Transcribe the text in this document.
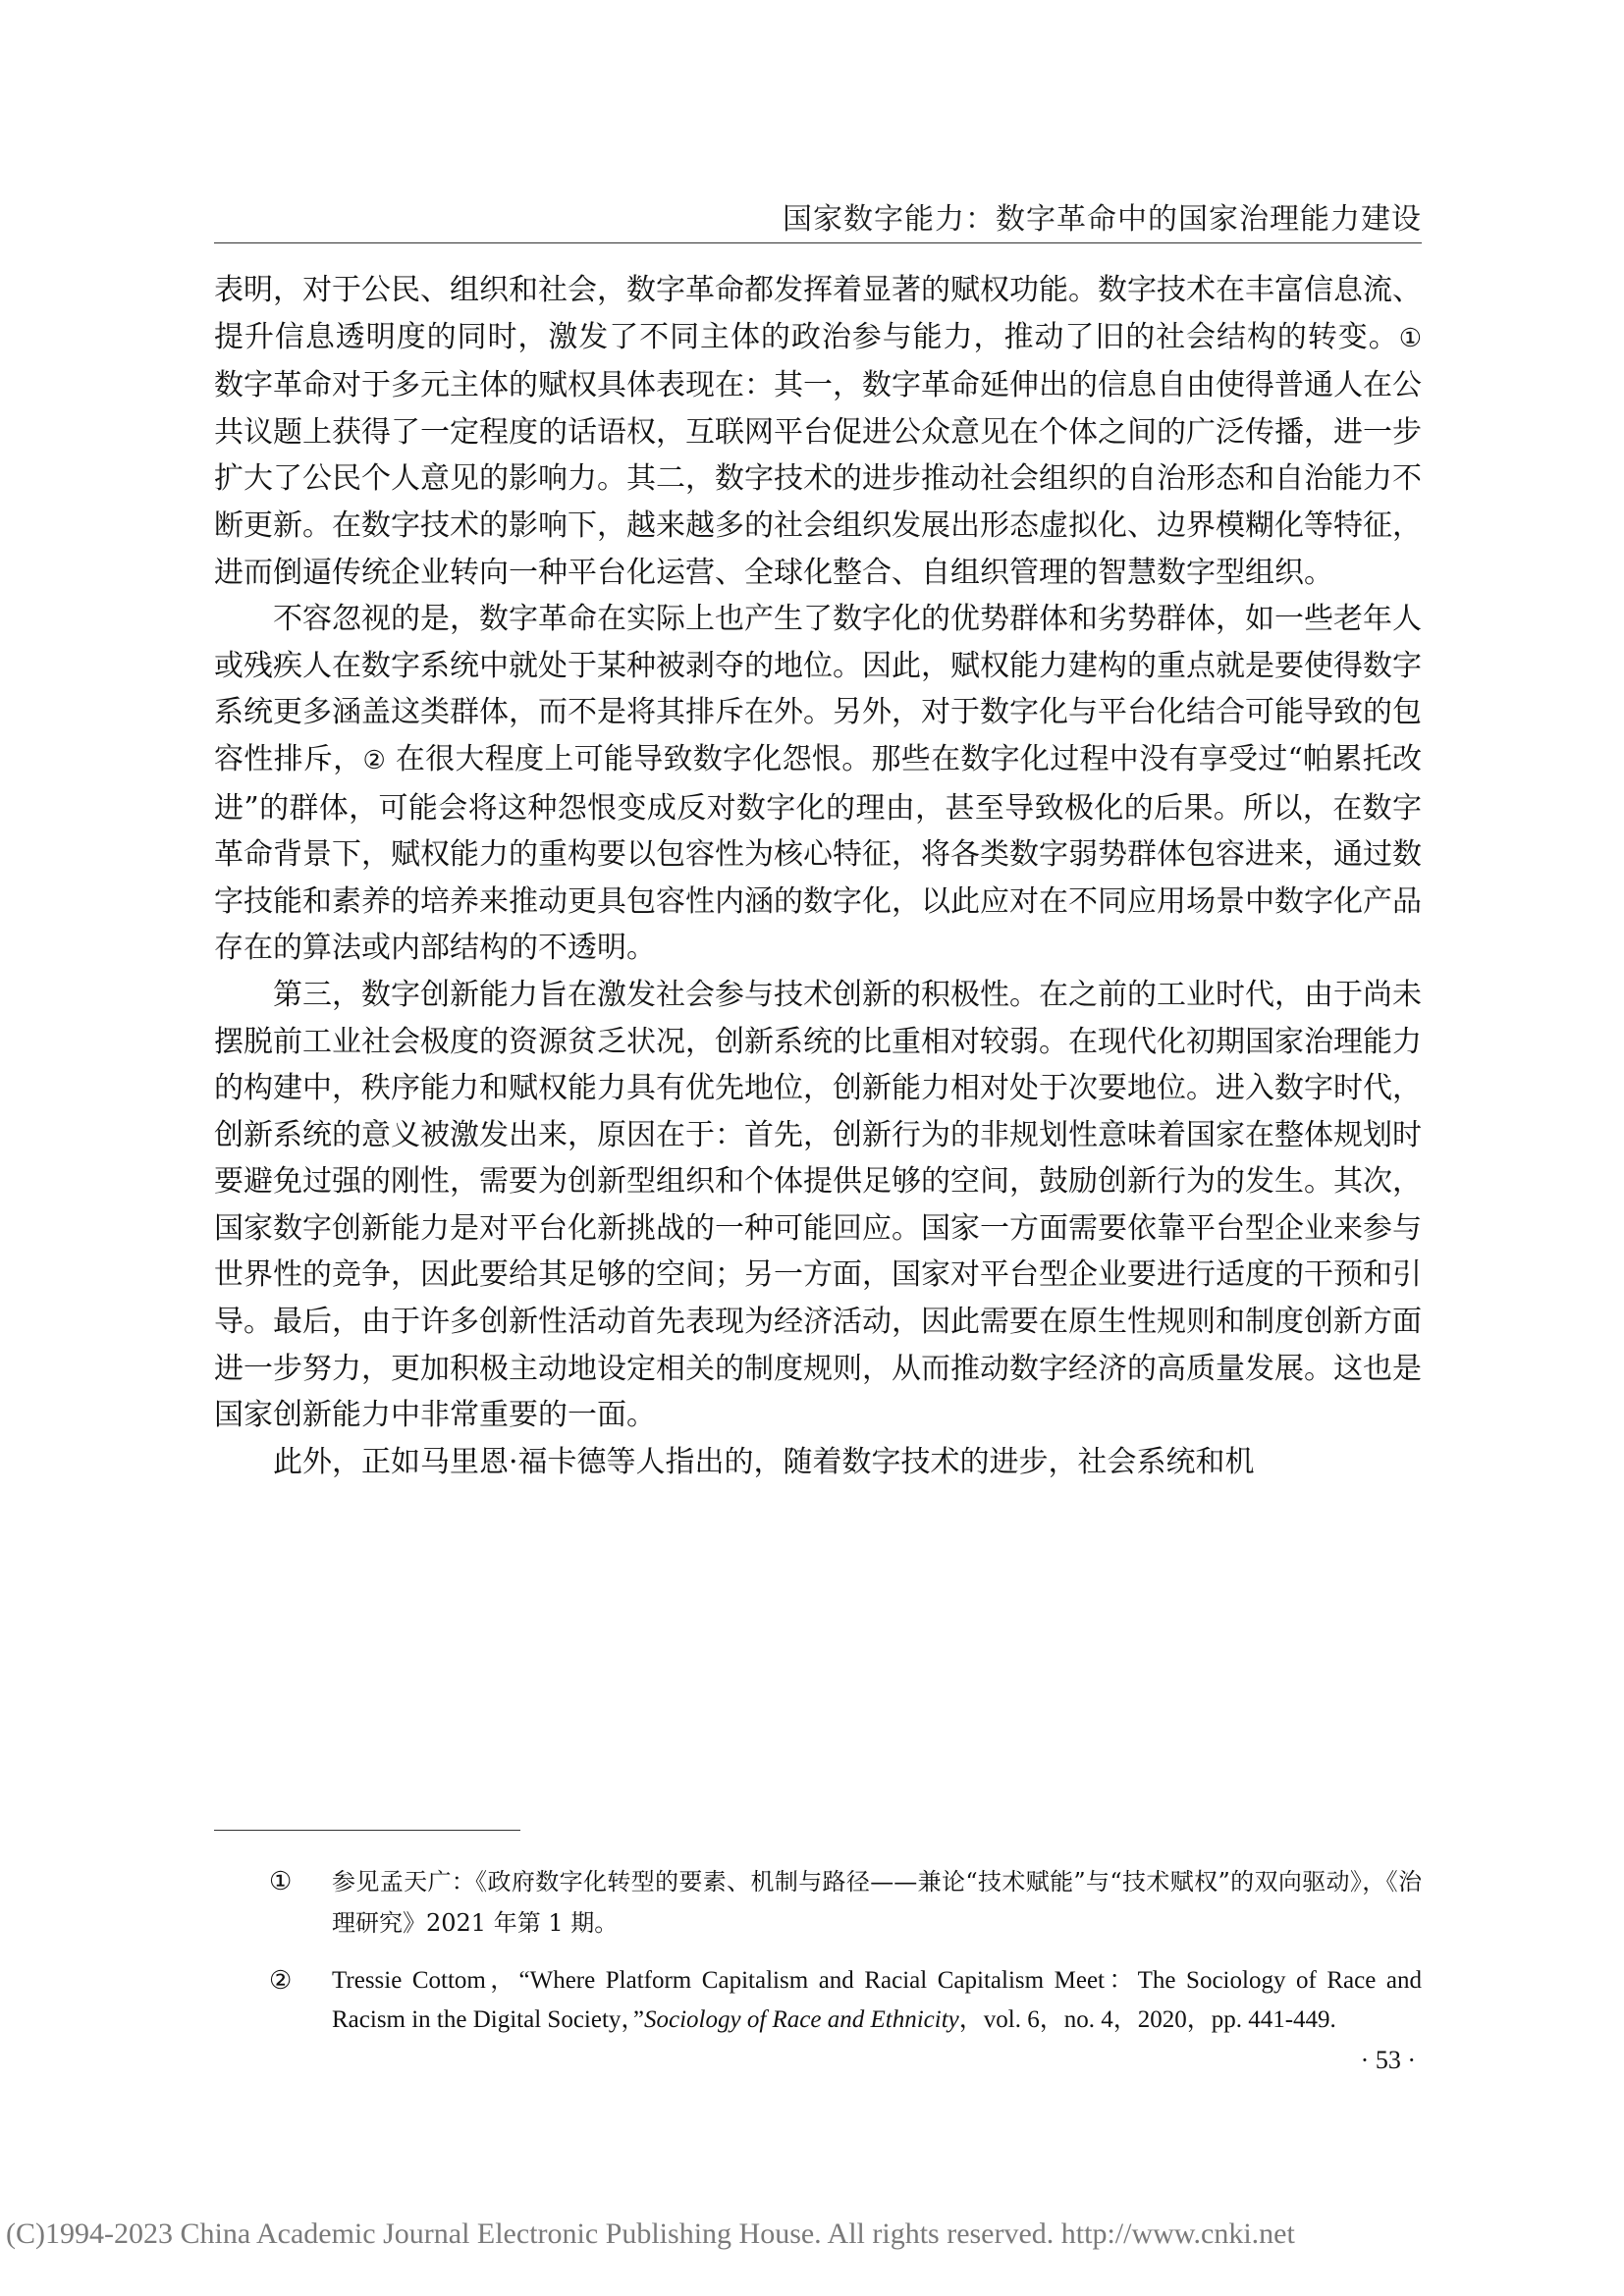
国家数字能力：数字革命中的国家治理能力建设

表明，对于公民、组织和社会，数字革命都发挥着显著的赋权功能。数字技术在丰富信息流、提升信息透明度的同时，激发了不同主体的政治参与能力，推动了旧的社会结构的转变。① 数字革命对于多元主体的赋权具体表现在：其一，数字革命延伸出的信息自由使得普通人在公共议题上获得了一定程度的话语权，互联网平台促进公众意见在个体之间的广泛传播，进一步扩大了公民个人意见的影响力。其二，数字技术的进步推动社会组织的自治形态和自治能力不断更新。在数字技术的影响下，越来越多的社会组织发展出形态虚拟化、边界模糊化等特征，进而倒逼传统企业转向一种平台化运营、全球化整合、自组织管理的智慧数字型组织。

不容忽视的是，数字革命在实际上也产生了数字化的优势群体和劣势群体，如一些老年人或残疾人在数字系统中就处于某种被剥夺的地位。因此，赋权能力建构的重点就是要使得数字系统更多涵盖这类群体，而不是将其排斥在外。另外，对于数字化与平台化结合可能导致的包容性排斥，② 在很大程度上可能导致数字化怨恨。那些在数字化过程中没有享受过“帕累托改进”的群体，可能会将这种怨恨变成反对数字化的理由，甚至导致极化的后果。所以，在数字革命背景下，赋权能力的重构要以包容性为核心特征，将各类数字弱势群体包容进来，通过数字技能和素养的培养来推动更具包容性内涵的数字化，以此应对在不同应用场景中数字化产品存在的算法或内部结构的不透明。

第三，数字创新能力旨在激发社会参与技术创新的积极性。在之前的工业时代，由于尚未摆脱前工业社会极度的资源贫乏状况，创新系统的比重相对较弱。在现代化初期国家治理能力的构建中，秩序能力和赋权能力具有优先地位，创新能力相对处于次要地位。进入数字时代，创新系统的意义被激发出来，原因在于：首先，创新行为的非规划性意味着国家在整体规划时要避免过强的刚性，需要为创新型组织和个体提供足够的空间，鼓励创新行为的发生。其次，国家数字创新能力是对平台化新挑战的一种可能回应。国家一方面需要依靠平台型企业来参与世界性的竞争，因此要给其足够的空间；另一方面，国家对平台型企业要进行适度的干预和引导。最后，由于许多创新性活动首先表现为经济活动，因此需要在原生性规则和制度创新方面进一步努力，更加积极主动地设定相关的制度规则，从而推动数字经济的高质量发展。这也是国家创新能力中非常重要的一面。

此外，正如马里恩·福卡德等人指出的，随着数字技术的进步，社会系统和机

① 参见孟天广：《政府数字化转型的要素、机制与路径——兼论“技术赋能”与“技术赋权”的双向驱动》，《治理研究》2021 年第 1 期。
② Tressie Cottom，“Where Platform Capitalism and Racial Capitalism Meet：The Sociology of Race and Racism in the Digital Society，”Sociology of Race and Ethnicity，vol. 6，no. 4，2020，pp. 441-449.
· 53 ·
(C)1994-2023 China Academic Journal Electronic Publishing House. All rights reserved. http://www.cnki.net
